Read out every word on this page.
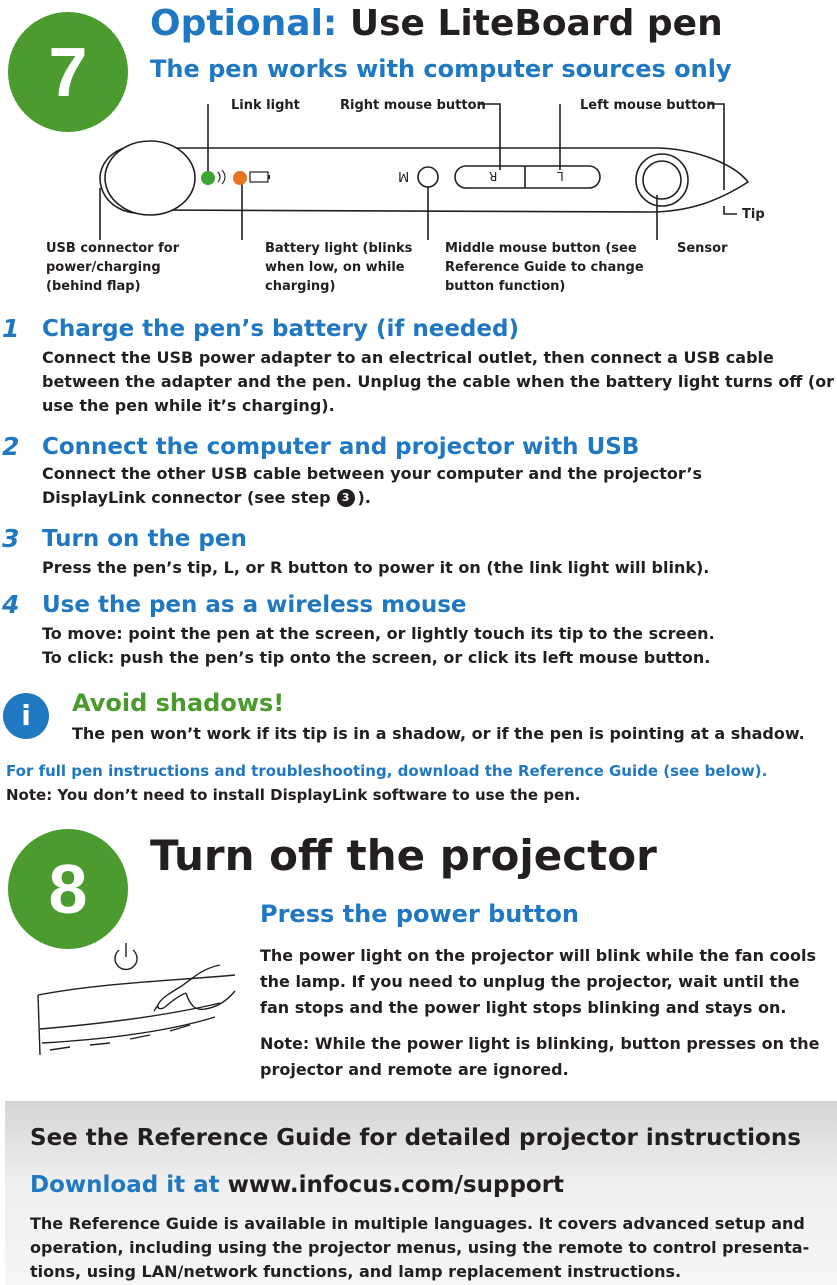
7
Optional: Use LiteBoard pen
The pen works with computer sources only
M	R	L
Link light	Right mouse button	Left mouse button
Tip
USB connector for power/charging (behind flap)
Battery light (blinks when low, on while charging)
Middle mouse button (see Reference Guide to change button function)
Sensor
1 Charge the pen’s battery (if needed)
Connect the USB power adapter to an electrical outlet, then connect a USB cable between the adapter and the pen. Unplug the cable when the battery light turns off (or use the pen while it’s charging).
2 Connect the computer and projector with USB
Connect the other USB cable between your computer and the projector’s DisplayLink connector (see step 3 ).
3 Turn on the pen
Press the pen’s tip, L, or R button to power it on (the link light will blink).
4 Use the pen as a wireless mouse
To move: point the pen at the screen, or lightly touch its tip to the screen.
To click: push the pen’s tip onto the screen, or click its left mouse button.
i	Avoid shadows!
The pen won’t work if its tip is in a shadow, or if the pen is pointing at a shadow.
For full pen instructions and troubleshooting, download the Reference Guide (see below).
Note: You don’t need to install DisplayLink software to use the pen.
8	Turn off the projector
Press the power button
The power light on the projector will blink while the fan cools the lamp. If you need to unplug the projector, wait until the fan stops and the power light stops blinking and stays on.
Note: While the power light is blinking, button presses on the projector and remote are ignored.
See the Reference Guide for detailed projector instructions
Download it at www.infocus.com/support
The Reference Guide is available in multiple languages. It covers advanced setup and operation, including using the projector menus, using the remote to control presenta-tions, using LAN/network functions, and lamp replacement instructions.
